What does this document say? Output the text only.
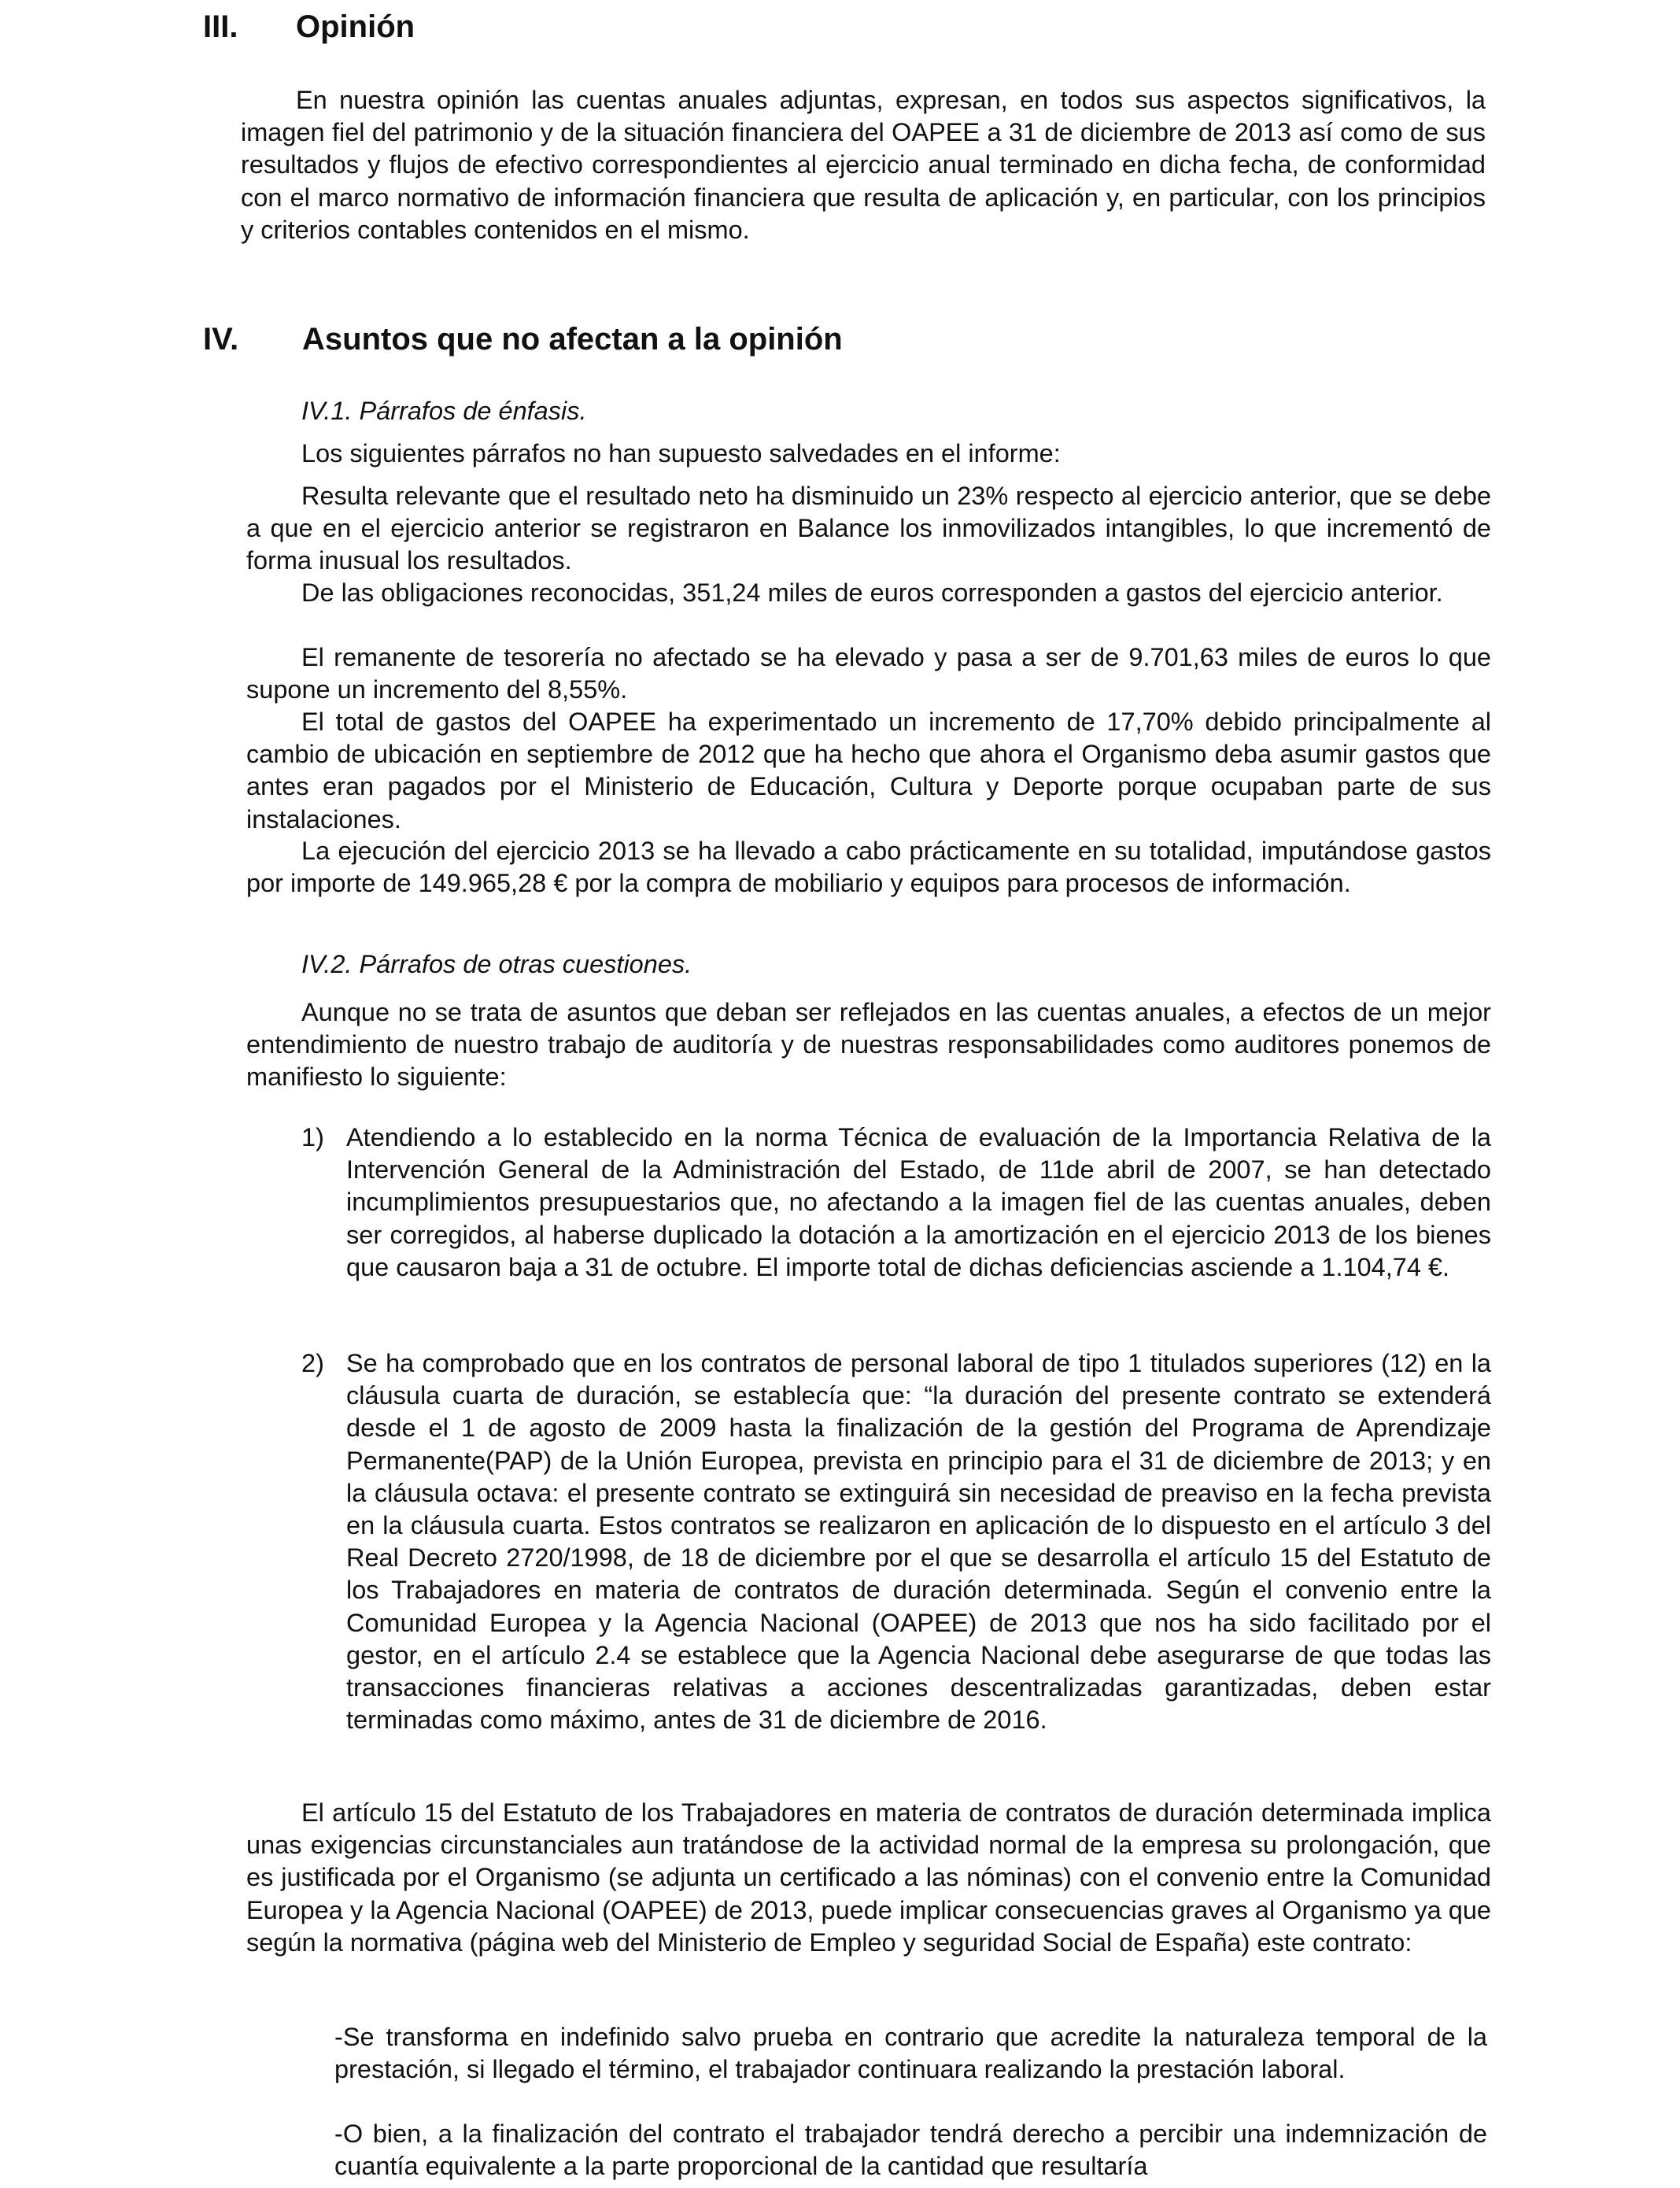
III. Opinión

En nuestra opinión las cuentas anuales adjuntas, expresan, en todos sus aspectos significativos, la imagen fiel del patrimonio y de la situación financiera del OAPEE a 31 de diciembre de 2013 así como de sus resultados y flujos de efectivo correspondientes al ejercicio anual terminado en dicha fecha, de conformidad con el marco normativo de información financiera que resulta de aplicación y, en particular, con los principios y criterios contables contenidos en el mismo.

IV. Asuntos que no afectan a la opinión

IV.1. Párrafos de énfasis.

Los siguientes párrafos no han supuesto salvedades en el informe:

Resulta relevante que el resultado neto ha disminuido un 23% respecto al ejercicio anterior, que se debe a que en el ejercicio anterior se registraron en Balance los inmovilizados intangibles, lo que incrementó de forma inusual los resultados.

De las obligaciones reconocidas, 351,24 miles de euros corresponden a gastos del ejercicio anterior.

El remanente de tesorería no afectado se ha elevado y pasa a ser de 9.701,63 miles de euros lo que supone un incremento del 8,55%.

El total de gastos del OAPEE ha experimentado un incremento de 17,70% debido principalmente al cambio de ubicación en septiembre de 2012 que ha hecho que ahora el Organismo deba asumir gastos que antes eran pagados por el Ministerio de Educación, Cultura y Deporte porque ocupaban parte de sus instalaciones.

La ejecución del ejercicio 2013 se ha llevado a cabo prácticamente en su totalidad, imputándose gastos por importe de 149.965,28 € por la compra de mobiliario y equipos para procesos de información.

IV.2. Párrafos de otras cuestiones.

Aunque no se trata de asuntos que deban ser reflejados en las cuentas anuales, a efectos de un mejor entendimiento de nuestro trabajo de auditoría y de nuestras responsabilidades como auditores ponemos de manifiesto lo siguiente:

1) Atendiendo a lo establecido en la norma Técnica de evaluación de la Importancia Relativa de la Intervención General de la Administración del Estado, de 11de abril de 2007, se han detectado incumplimientos presupuestarios que, no afectando a la imagen fiel de las cuentas anuales, deben ser corregidos, al haberse duplicado la dotación a la amortización en el ejercicio 2013 de los bienes que causaron baja a 31 de octubre. El importe total de dichas deficiencias asciende a 1.104,74 €.

2) Se ha comprobado que en los contratos de personal laboral de tipo 1 titulados superiores (12) en la cláusula cuarta de duración, se establecía que: “la duración del presente contrato se extenderá desde el 1 de agosto de 2009 hasta la finalización de la gestión del Programa de Aprendizaje Permanente(PAP) de la Unión Europea, prevista en principio para el 31 de diciembre de 2013; y en la cláusula octava: el presente contrato se extinguirá sin necesidad de preaviso en la fecha prevista en la cláusula cuarta. Estos contratos se realizaron en aplicación de lo dispuesto en el artículo 3 del Real Decreto 2720/1998, de 18 de diciembre por el que se desarrolla el artículo 15 del Estatuto de los Trabajadores en materia de contratos de duración determinada. Según el convenio entre la Comunidad Europea y la Agencia Nacional (OAPEE) de 2013 que nos ha sido facilitado por el gestor, en el artículo 2.4 se establece que la Agencia Nacional debe asegurarse de que todas las transacciones financieras relativas a acciones descentralizadas garantizadas, deben estar terminadas como máximo, antes de 31 de diciembre de 2016.

El artículo 15 del Estatuto de los Trabajadores en materia de contratos de duración determinada implica unas exigencias circunstanciales aun tratándose de la actividad normal de la empresa su prolongación, que es justificada por el Organismo (se adjunta un certificado a las nóminas) con el convenio entre la Comunidad Europea y la Agencia Nacional (OAPEE) de 2013, puede implicar consecuencias graves al Organismo ya que según la normativa (página web del Ministerio de Empleo y seguridad Social de España) este contrato:

-Se transforma en indefinido salvo prueba en contrario que acredite la naturaleza temporal de la prestación, si llegado el término, el trabajador continuara realizando la prestación laboral.

-O bien, a la finalización del contrato el trabajador tendrá derecho a percibir una indemnización de cuantía equivalente a la parte proporcional de la cantidad que resultaría
